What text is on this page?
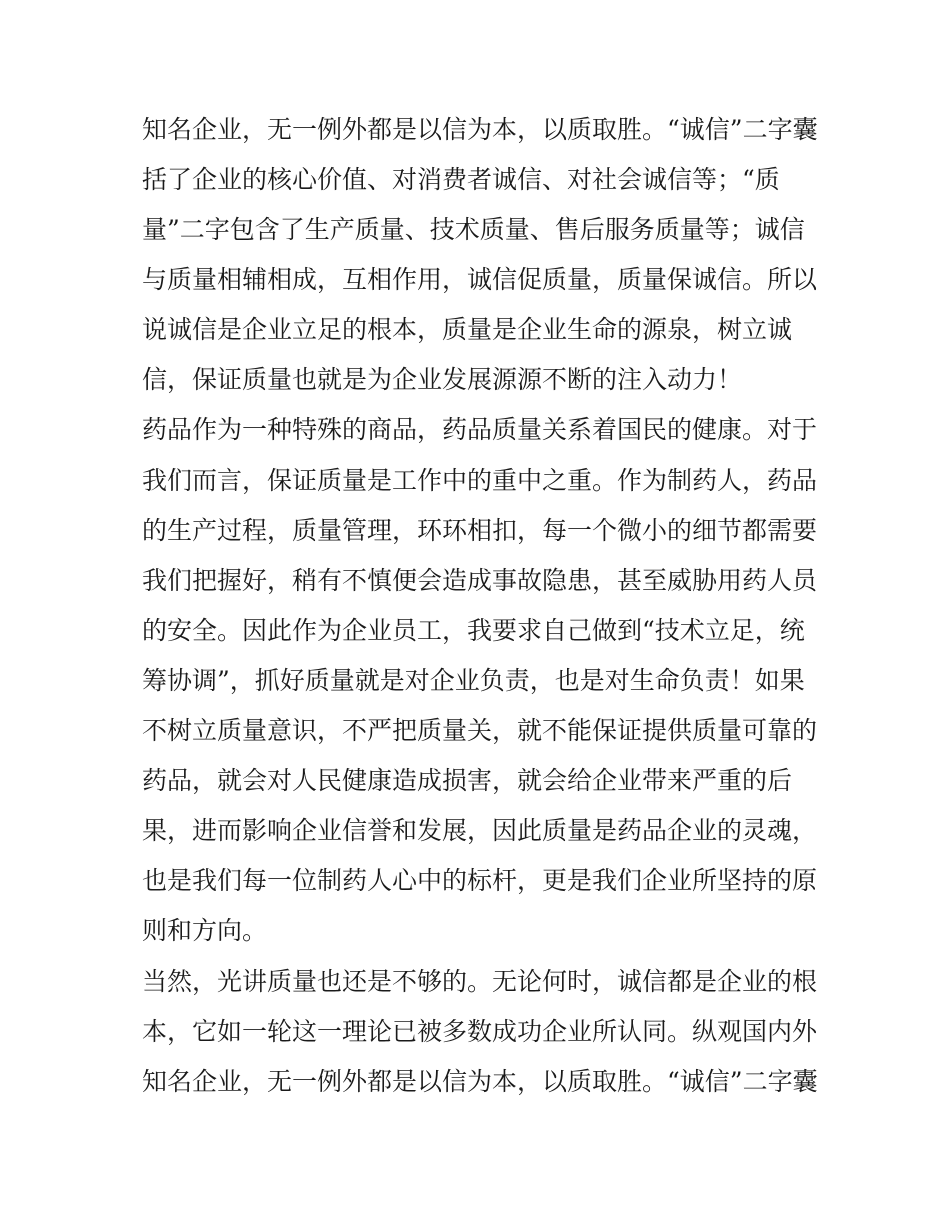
知名企业，无一例外都是以信为本，以质取胜。“诚信”二字囊

括了企业的核心价值、对消费者诚信、对社会诚信等；“质

量”二字包含了生产质量、技术质量、售后服务质量等；诚信

与质量相辅相成，互相作用，诚信促质量，质量保诚信。所以

说诚信是企业立足的根本，质量是企业生命的源泉，树立诚

信，保证质量也就是为企业发展源源不断的注入动力！

药品作为一种特殊的商品，药品质量关系着国民的健康。对于

我们而言，保证质量是工作中的重中之重。作为制药人，药品

的生产过程，质量管理，环环相扣，每一个微小的细节都需要

我们把握好，稍有不慎便会造成事故隐患，甚至威胁用药人员

的安全。因此作为企业员工，我要求自己做到“技术立足，统

筹协调”，抓好质量就是对企业负责，也是对生命负责！如果

不树立质量意识，不严把质量关，就不能保证提供质量可靠的

药品，就会对人民健康造成损害，就会给企业带来严重的后

果，进而影响企业信誉和发展，因此质量是药品企业的灵魂，

也是我们每一位制药人心中的标杆，更是我们企业所坚持的原

则和方向。

当然，光讲质量也还是不够的。无论何时，诚信都是企业的根

本，它如一轮这一理论已被多数成功企业所认同。纵观国内外

知名企业，无一例外都是以信为本，以质取胜。“诚信”二字囊
